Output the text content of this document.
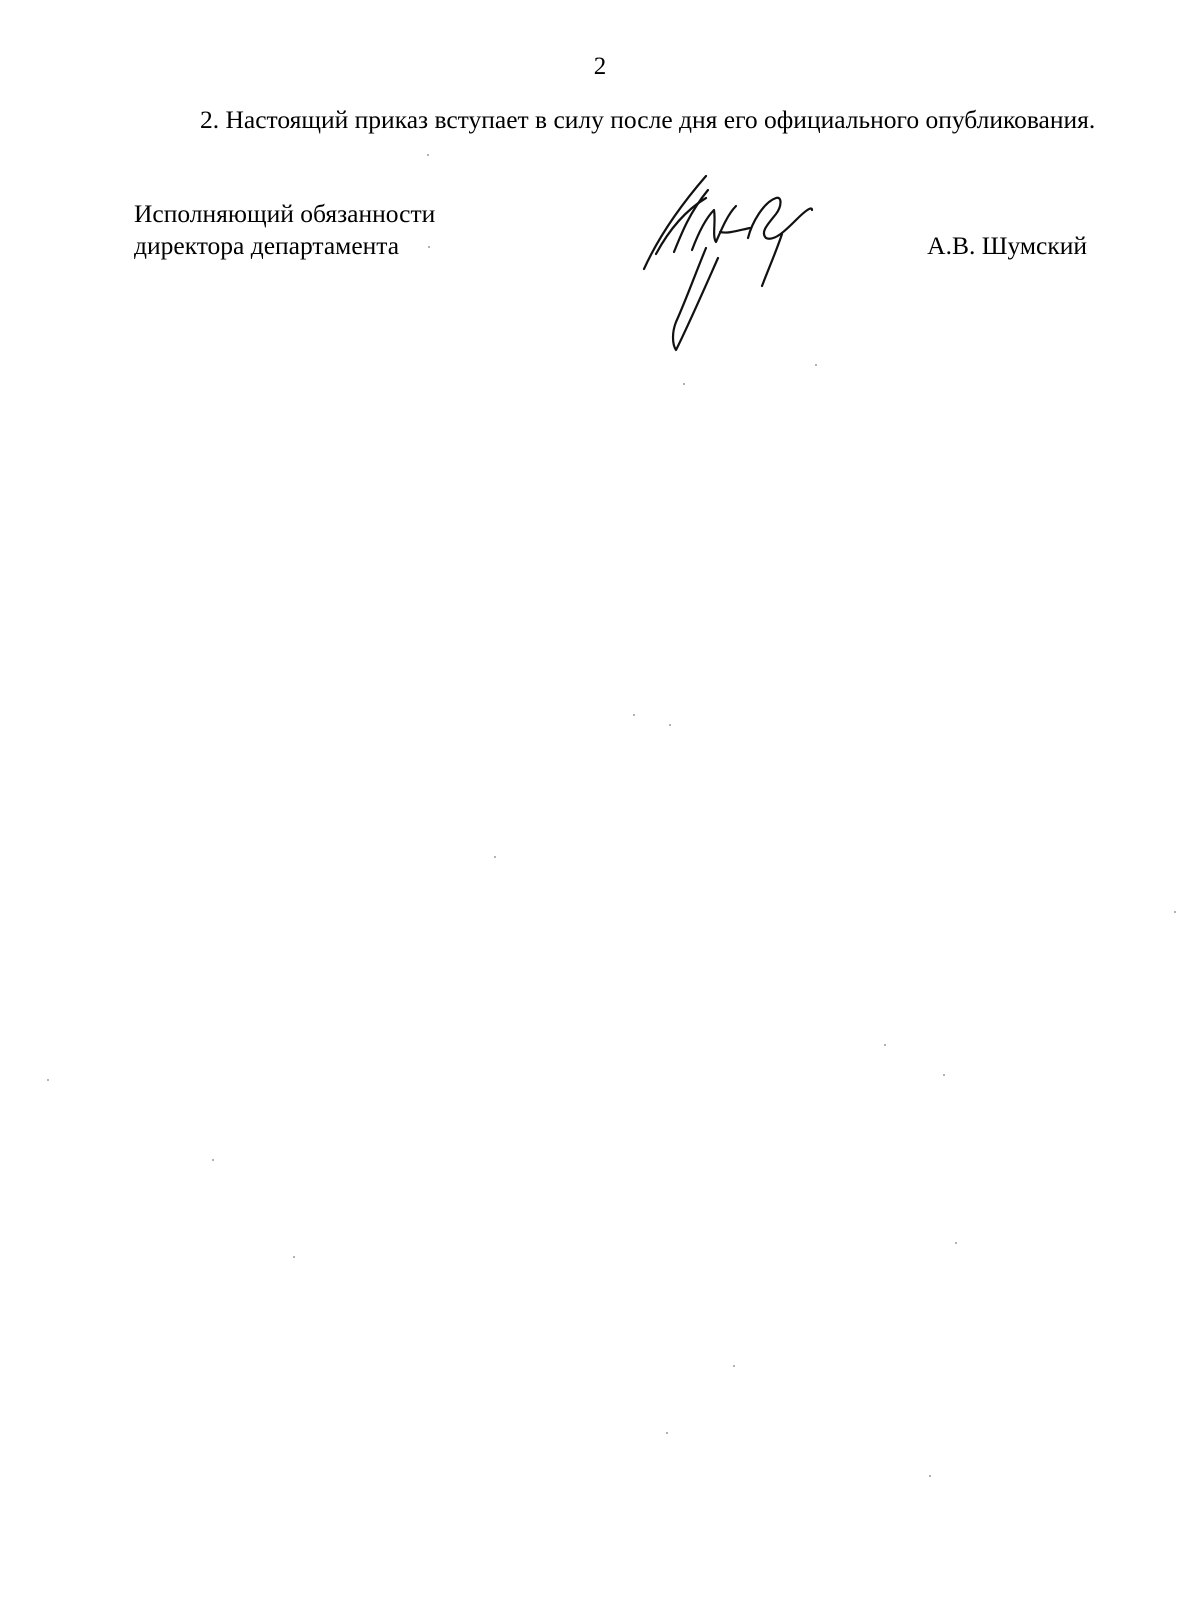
2

2. Настоящий приказ вступает в силу после дня его официального опубликования.

Исполняющий обязанности
директора департамента	А.В. Шумский
